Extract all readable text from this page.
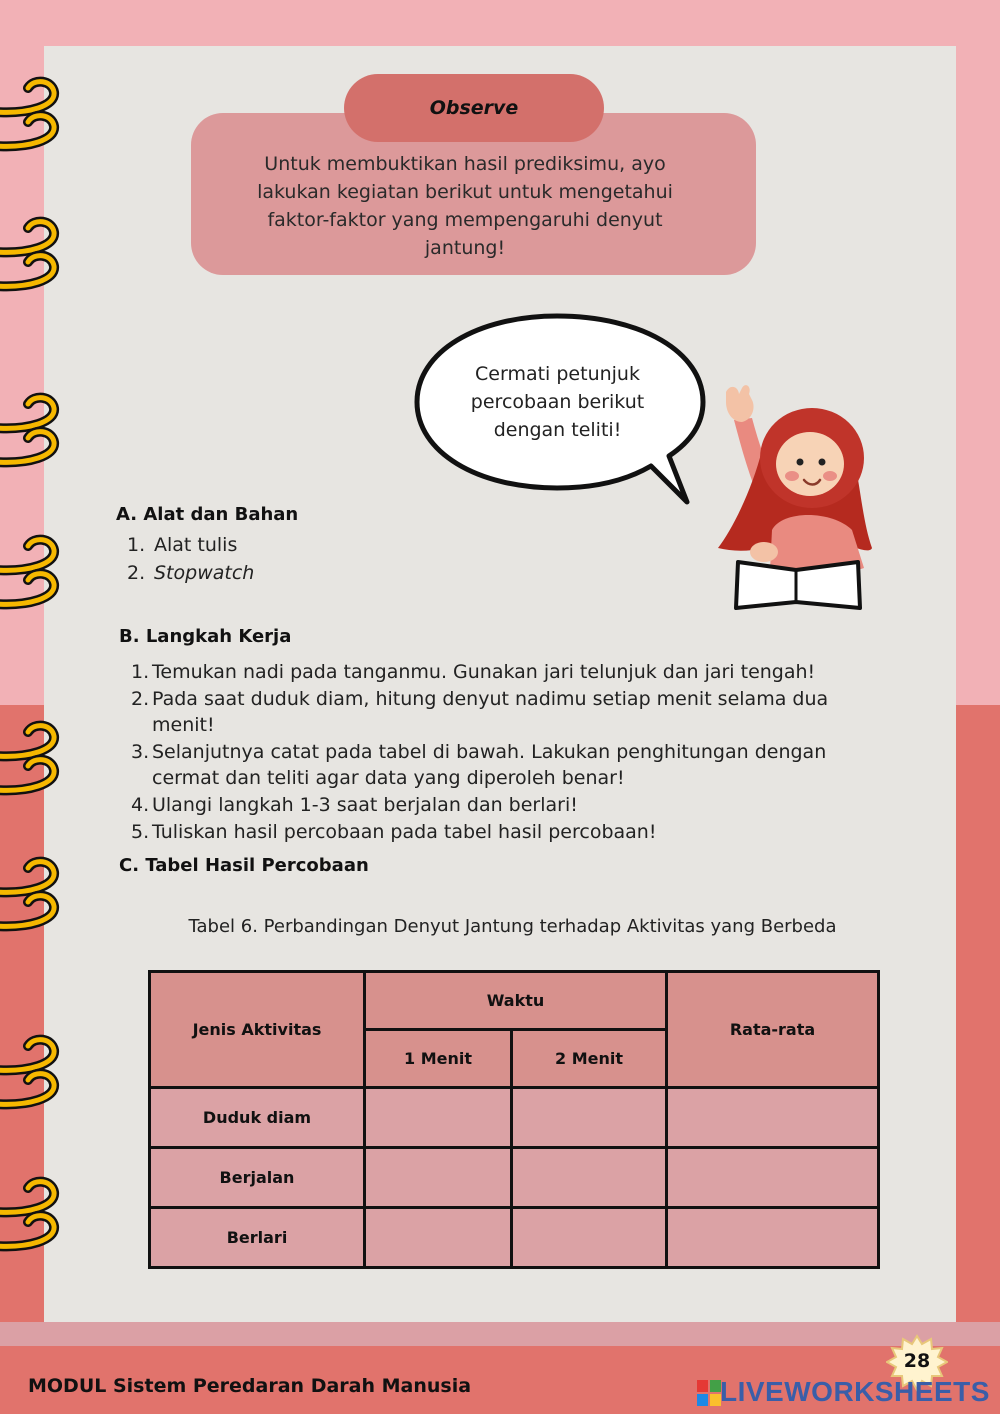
Observe

Untuk membuktikan hasil prediksimu, ayo lakukan kegiatan berikut untuk mengetahui faktor-faktor yang mempengaruhi denyut jantung!

Cermati petunjuk percobaan berikut dengan teliti!

A. Alat dan Bahan
1. Alat tulis
2. Stopwatch
B. Langkah Kerja
1. Temukan nadi pada tanganmu. Gunakan jari telunjuk dan jari tengah!
2. Pada saat duduk diam, hitung denyut nadimu setiap menit selama dua menit!
3. Selanjutnya catat pada tabel di bawah. Lakukan penghitungan dengan cermat dan teliti agar data yang diperoleh benar!
4. Ulangi langkah 1-3 saat berjalan dan berlari!
5. Tuliskan hasil percobaan pada tabel hasil percobaan!
C. Tabel Hasil Percobaan

Tabel 6. Perbandingan Denyut Jantung terhadap Aktivitas yang Berbeda

Jenis Aktivitas	Waktu		Rata-rata
	1 Menit	2 Menit	
Duduk diam			
Berjalan			
Berlari			
28
MODUL Sistem Peredaran Darah Manusia	LIVEWORKSHEETS
